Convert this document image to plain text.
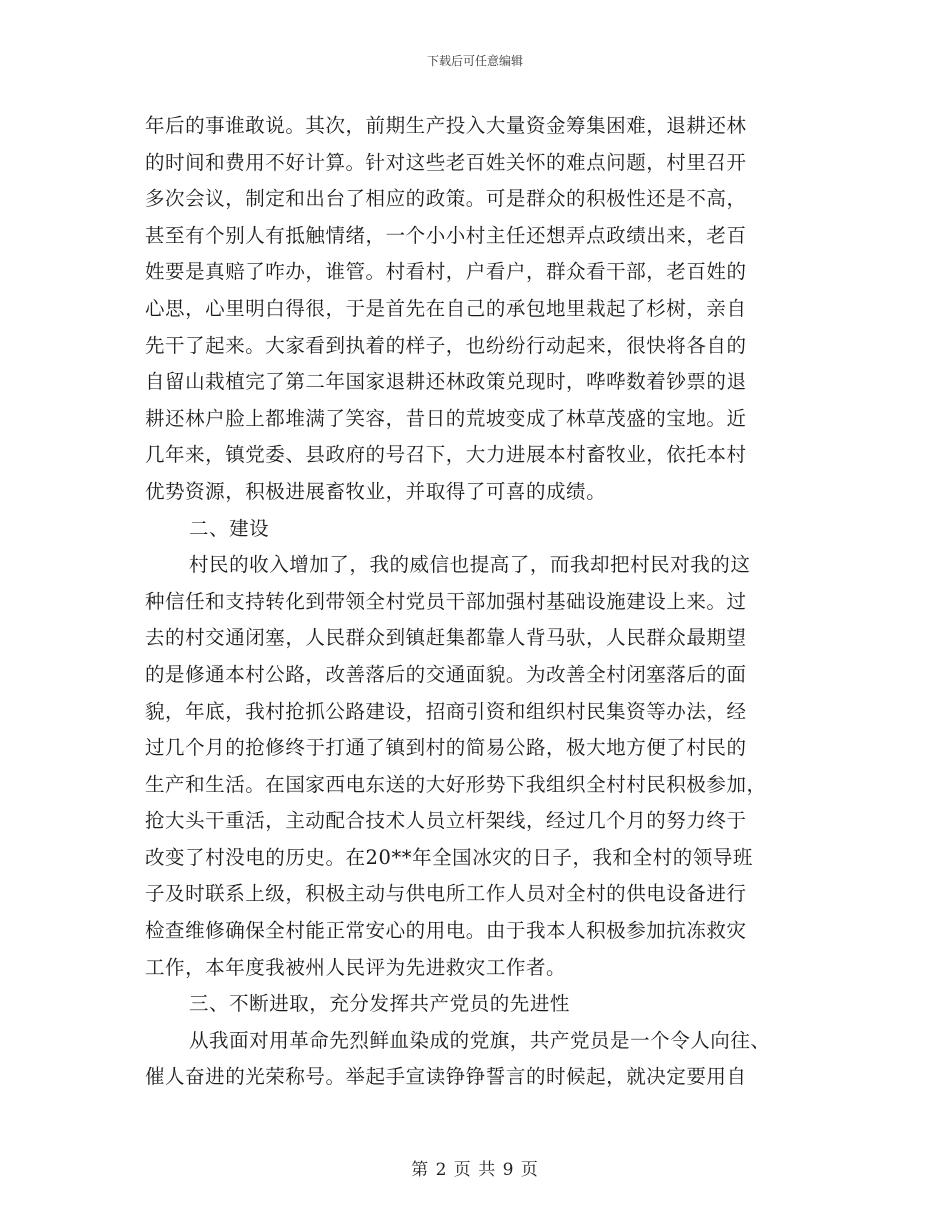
下载后可任意编辑
年后的事谁敢说。其次，前期生产投入大量资金筹集困难，退耕还林
的时间和费用不好计算。针对这些老百姓关怀的难点问题，村里召开
多次会议，制定和出台了相应的政策。可是群众的积极性还是不高，
甚至有个别人有抵触情绪，一个小小村主任还想弄点政绩出来，老百
姓要是真赔了咋办，谁管。村看村，户看户，群众看干部，老百姓的
心思，心里明白得很，于是首先在自己的承包地里栽起了杉树，亲自
先干了起来。大家看到执着的样子，也纷纷行动起来，很快将各自的
自留山栽植完了第二年国家退耕还林政策兑现时，哗哗数着钞票的退
耕还林户脸上都堆满了笑容，昔日的荒坡变成了林草茂盛的宝地。近
几年来，镇党委、县政府的号召下，大力进展本村畜牧业，依托本村
优势资源，积极进展畜牧业，并取得了可喜的成绩。
二、建设
村民的收入增加了，我的威信也提高了，而我却把村民对我的这
种信任和支持转化到带领全村党员干部加强村基础设施建设上来。过
去的村交通闭塞，人民群众到镇赶集都靠人背马驮，人民群众最期望
的是修通本村公路，改善落后的交通面貌。为改善全村闭塞落后的面
貌，年底，我村抢抓公路建设，招商引资和组织村民集资等办法，经
过几个月的抢修终于打通了镇到村的简易公路，极大地方便了村民的
生产和生活。在国家西电东送的大好形势下我组织全村村民积极参加，
抢大头干重活，主动配合技术人员立杆架线，经过几个月的努力终于
改变了村没电的历史。在20**年全国冰灾的日子，我和全村的领导班
子及时联系上级，积极主动与供电所工作人员对全村的供电设备进行
检查维修确保全村能正常安心的用电。由于我本人积极参加抗冻救灾
工作，本年度我被州人民评为先进救灾工作者。
三、不断进取，充分发挥共产党员的先进性
从我面对用革命先烈鲜血染成的党旗，共产党员是一个令人向往、
催人奋进的光荣称号。举起手宣读铮铮誓言的时候起，就决定要用自
第 2 页 共 9 页
